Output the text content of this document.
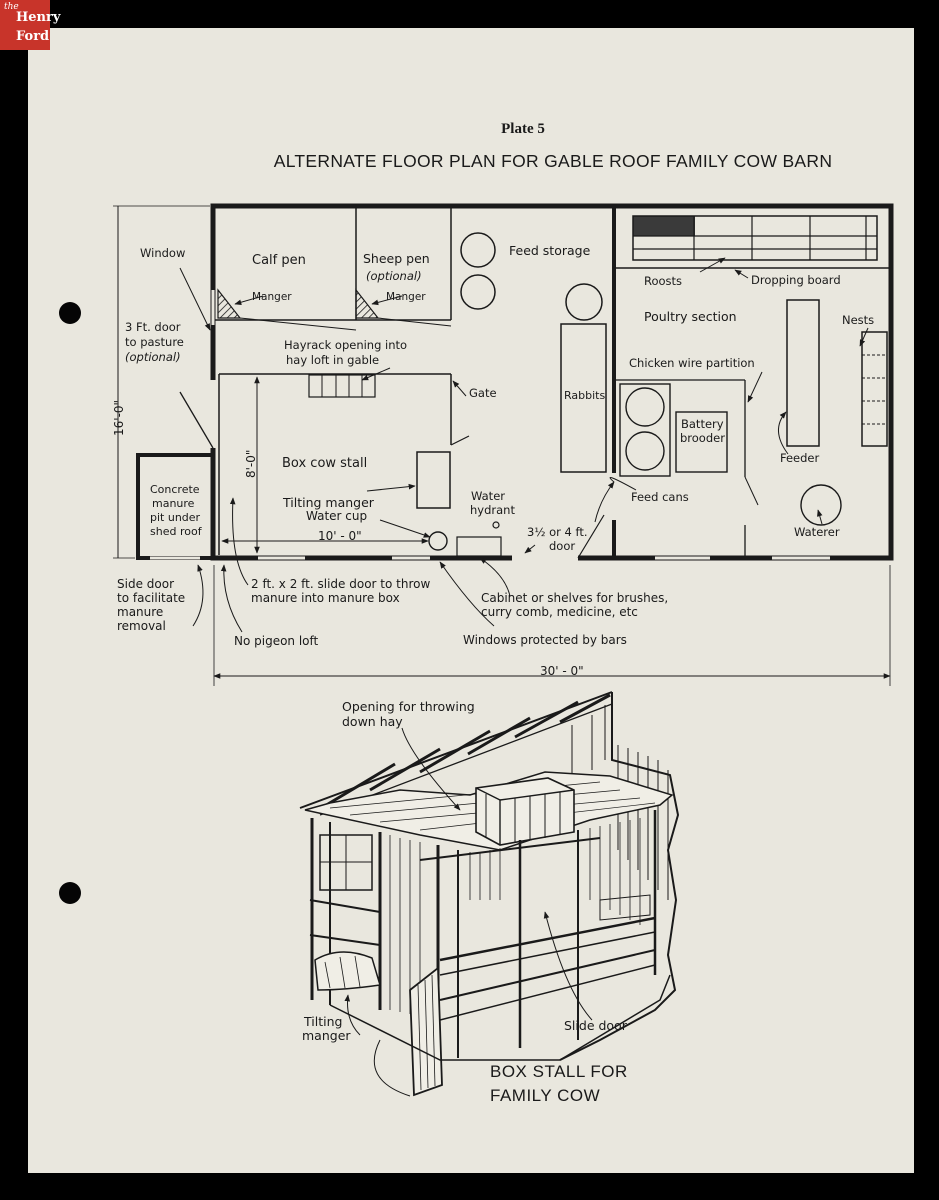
the
Henry
Ford
Plate 5
ALTERNATE FLOOR PLAN FOR GABLE ROOF FAMILY COW BARN
Window
3 Ft. door
to pasture
(optional)
Calf pen	Sheep pen
(optional)
Manger	Manger
Feed storage
Roosts	Dropping board
Poultry section	Nests
Hayrack opening into
hay loft in gable
Gate	Rabbits
Chicken wire partition
Battery
brooder
Feeder
Box cow stall
Concrete
manure
pit under
shed roof
Tilting manger
Water cup
Water
hydrant
Feed cans
Waterer
3½ or 4 ft.
door
Side door
to facilitate
manure
removal
2 ft. x 2 ft. slide door to throw
manure into manure box	Cabinet or shelves for brushes,
curry comb, medicine, etc
No pigeon loft	Windows protected by bars
16'-0"
8'-0"
10' - 0"
30' - 0"
Opening for throwing
down hay
Tilting
manger
Slide door
BOX STALL FOR
FAMILY COW
